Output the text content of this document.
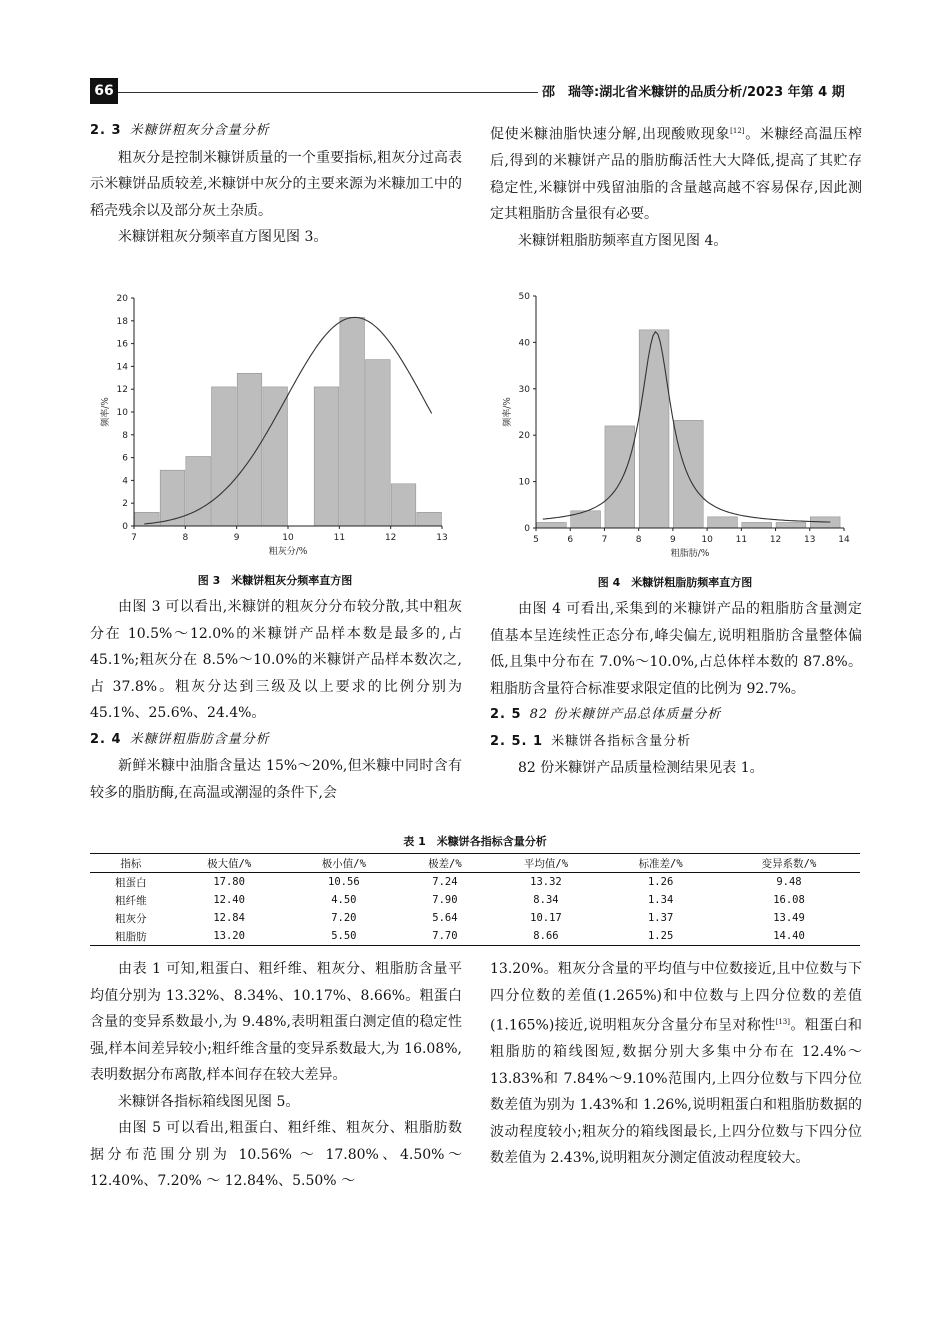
66	邵　瑞等:湖北省米糠饼的品质分析/2023 年第 4 期
2. 3 米糠饼粗灰分含量分析

粗灰分是控制米糠饼质量的一个重要指标,粗灰分过高表示米糠饼品质较差,米糠饼中灰分的主要来源为米糠加工中的稻壳残余以及部分灰土杂质。

米糠饼粗灰分频率直方图见图 3。

促使米糠油脂快速分解,出现酸败现象[12]。米糠经高温压榨后,得到的米糠饼产品的脂肪酶活性大大降低,提高了其贮存稳定性,米糠饼中残留油脂的含量越高越不容易保存,因此测定其粗脂肪含量很有必要。

米糠饼粗脂肪频率直方图见图 4。

7	8	9	10	11	12	13
0
2
4
6
8
10
12
14
16
18
20
粗灰分/%
频率/%
图 3　米糠饼粗灰分频率直方图
5	6	7	8	9	10	11	12	13	14
0
10
20
30
40
50
粗脂肪/%
频率/%
图 4　米糠饼粗脂肪频率直方图

由图 3 可以看出,米糠饼的粗灰分分布较分散,其中粗灰分在 10.5%～12.0%的米糠饼产品样本数是最多的,占 45.1%;粗灰分在 8.5%～10.0%的米糠饼产品样本数次之,占 37.8%。粗灰分达到三级及以上要求的比例分别为 45.1%、25.6%、24.4%。

2. 4 米糠饼粗脂肪含量分析

新鲜米糠中油脂含量达 15%～20%,但米糠中同时含有较多的脂肪酶,在高温或潮湿的条件下,会

由图 4 可看出,采集到的米糠饼产品的粗脂肪含量测定值基本呈连续性正态分布,峰尖偏左,说明粗脂肪含量整体偏低,且集中分布在 7.0%～10.0%,占总体样本数的 87.8%。粗脂肪含量符合标准要求限定值的比例为 92.7%。

2. 5 82 份米糠饼产品总体质量分析
2. 5. 1 米糠饼各指标含量分析

82 份米糠饼产品质量检测结果见表 1。

表 1　米糠饼各指标含量分析
指标	极大值/%	极小值/%	极差/%	平均值/%	标准差/%	变异系数/%
粗蛋白	17.80	10.56	7.24	13.32	1.26	9.48
粗纤维	12.40	4.50	7.90	8.34	1.34	16.08
粗灰分	12.84	7.20	5.64	10.17	1.37	13.49
粗脂肪	13.20	5.50	7.70	8.66	1.25	14.40

由表 1 可知,粗蛋白、粗纤维、粗灰分、粗脂肪含量平均值分别为 13.32%、8.34%、10.17%、8.66%。粗蛋白含量的变异系数最小,为 9.48%,表明粗蛋白测定值的稳定性强,样本间差异较小;粗纤维含量的变异系数最大,为 16.08%,表明数据分布离散,样本间存在较大差异。

米糠饼各指标箱线图见图 5。

由图 5 可以看出,粗蛋白、粗纤维、粗灰分、粗脂肪数据分布范围分别为 10.56% ～ 17.80%、4.50%～ 12.40%、7.20% ～ 12.84%、5.50% ～

13.20%。粗灰分含量的平均值与中位数接近,且中位数与下四分位数的差值(1.265%)和中位数与上四分位数的差值(1.165%)接近,说明粗灰分含量分布呈对称性[13]。粗蛋白和粗脂肪的箱线图短,数据分别大多集中分布在 12.4%～13.83%和 7.84%～9.10%范围内,上四分位数与下四分位数差值为别为 1.43%和 1.26%,说明粗蛋白和粗脂肪数据的波动程度较小;粗灰分的箱线图最长,上四分位数与下四分位数差值为 2.43%,说明粗灰分测定值波动程度较大。
